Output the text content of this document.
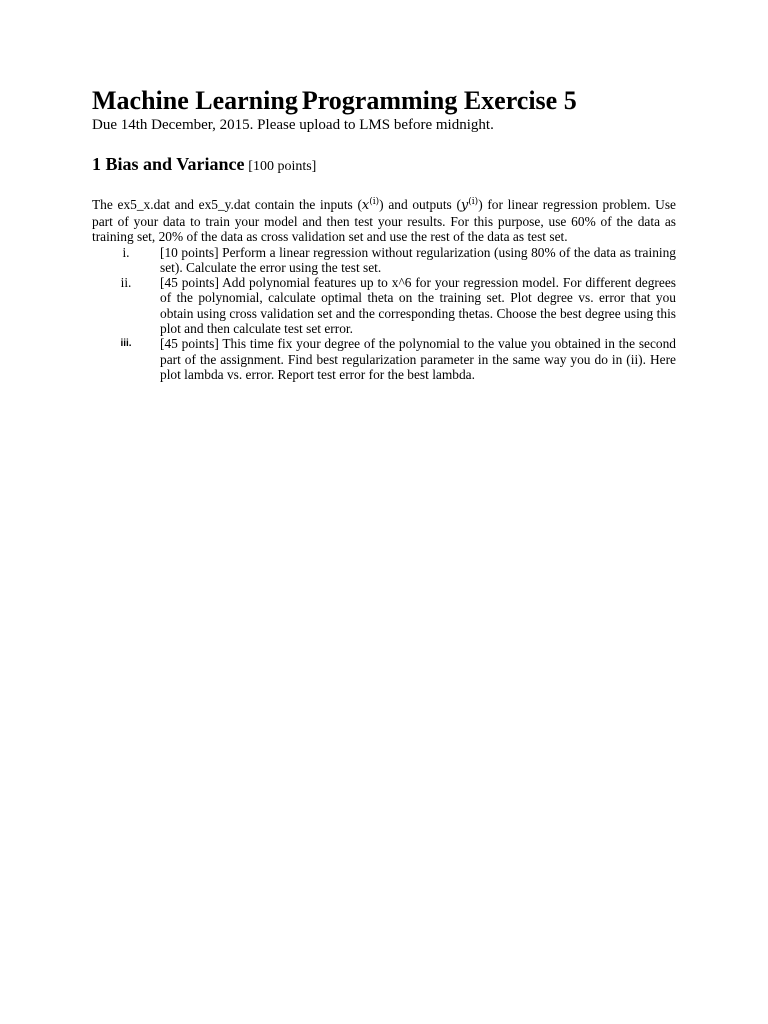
Machine Learning Programming Exercise 5

Due 14th December, 2015. Please upload to LMS before midnight.

1 Bias and Variance [100 points]
The ex5_x.dat and ex5_y.dat contain the inputs $(x^{(i)})$ and outputs $(y^{(i)})$ for linear regression problem. Use part of your data to train your model and then test your results. For this purpose, use 60% of the data as training set, 20% of the data as cross validation set and use the rest of the data as test set.
i.	[10 points] Perform a linear regression without regularization (using 80% of the data as training set). Calculate the error using the test set.
ii.	[45 points] Add polynomial features up to x^6 for your regression model. For different degrees of the polynomial, calculate optimal theta on the training set. Plot degree vs. error that you obtain using cross validation set and the corresponding thetas. Choose the best degree using this plot and then calculate test set error.
iii.	[45 points] This time fix your degree of the polynomial to the value you obtained in the second part of the assignment. Find best regularization parameter in the same way you do in (ii). Here plot lambda vs. error. Report test error for the best lambda.
